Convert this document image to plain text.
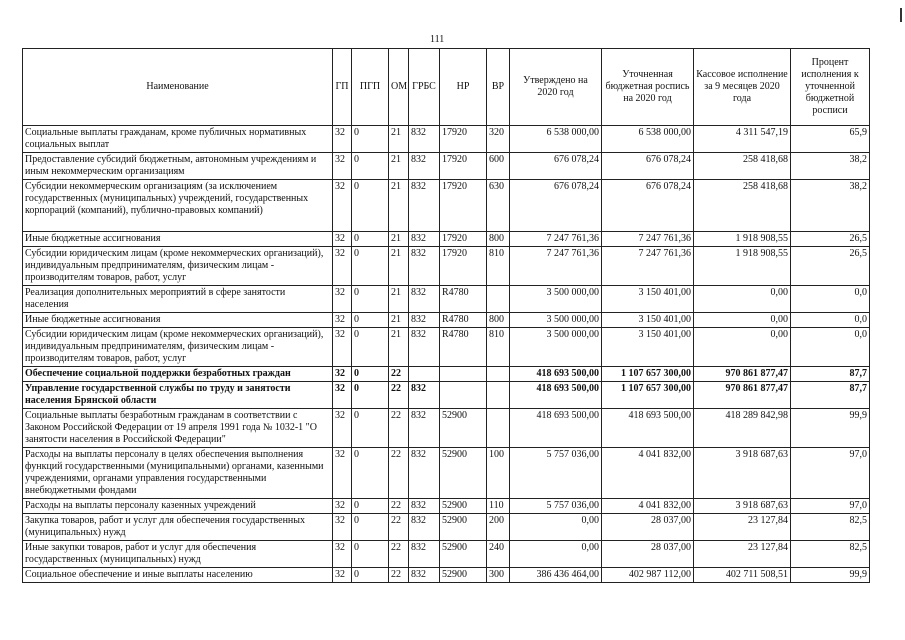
111
Наименование	ГП	ПГП	ОМ	ГРБС	НР	ВР	Утверждено на 2020 год	Уточненная бюджетная роспись на 2020 год	Кассовое исполнение за 9 месяцев 2020 года	Процент исполнения к уточненной бюджетной росписи
Социальные выплаты гражданам, кроме публичных нормативных социальных выплат	32	0	21	832	17920	320	6 538 000,00	6 538 000,00	4 311 547,19	65,9
Предоставление субсидий бюджетным, автономным учреждениям и иным некоммерческим организациям	32	0	21	832	17920	600	676 078,24	676 078,24	258 418,68	38,2
Субсидии некоммерческим организациям (за исключением государственных (муниципальных) учреждений, государственных корпораций (компаний), публично-правовых компаний)	32	0	21	832	17920	630	676 078,24	676 078,24	258 418,68	38,2
Иные бюджетные ассигнования	32	0	21	832	17920	800	7 247 761,36	7 247 761,36	1 918 908,55	26,5
Субсидии юридическим лицам (кроме некоммерческих организаций), индивидуальным предпринимателям, физическим лицам - производителям товаров, работ, услуг	32	0	21	832	17920	810	7 247 761,36	7 247 761,36	1 918 908,55	26,5
Реализация дополнительных мероприятий в сфере занятости населения	32	0	21	832	R4780		3 500 000,00	3 150 401,00	0,00	0,0
Иные бюджетные ассигнования	32	0	21	832	R4780	800	3 500 000,00	3 150 401,00	0,00	0,0
Субсидии юридическим лицам (кроме некоммерческих организаций), индивидуальным предпринимателям, физическим лицам - производителям товаров, работ, услуг	32	0	21	832	R4780	810	3 500 000,00	3 150 401,00	0,00	0,0
Обеспечение социальной поддержки безработных граждан	32	0	22				418 693 500,00	1 107 657 300,00	970 861 877,47	87,7
Управление государственной службы по труду и занятости населения Брянской области	32	0	22	832			418 693 500,00	1 107 657 300,00	970 861 877,47	87,7
Социальные выплаты безработным гражданам в соответствии с Законом Российской Федерации от 19 апреля 1991 года № 1032-1 "О занятости населения в Российской Федерации"	32	0	22	832	52900		418 693 500,00	418 693 500,00	418 289 842,98	99,9
Расходы на выплаты персоналу в целях обеспечения выполнения функций государственными (муниципальными) органами, казенными учреждениями, органами управления государственными внебюджетными фондами	32	0	22	832	52900	100	5 757 036,00	4 041 832,00	3 918 687,63	97,0
Расходы на выплаты персоналу казенных учреждений	32	0	22	832	52900	110	5 757 036,00	4 041 832,00	3 918 687,63	97,0
Закупка товаров, работ и услуг для обеспечения государственных (муниципальных) нужд	32	0	22	832	52900	200	0,00	28 037,00	23 127,84	82,5
Иные закупки товаров, работ и услуг для обеспечения государственных (муниципальных) нужд	32	0	22	832	52900	240	0,00	28 037,00	23 127,84	82,5
Социальное обеспечение и иные выплаты населению	32	0	22	832	52900	300	386 436 464,00	402 987 112,00	402 711 508,51	99,9
